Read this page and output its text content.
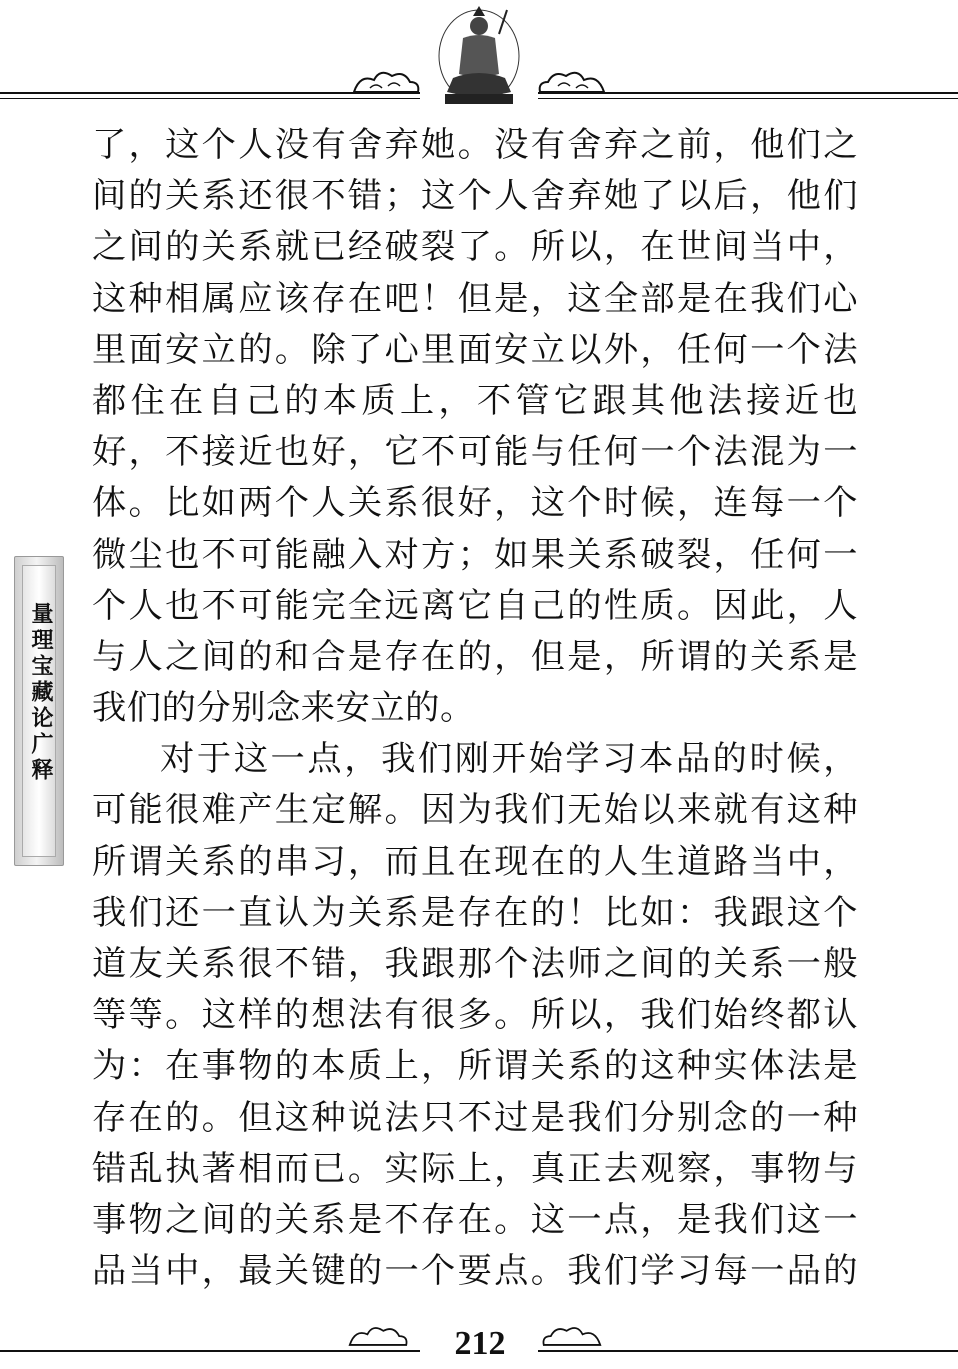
量理宝藏论广释
了，这个人没有舍弃她。没有舍弃之前，他们之
间的关系还很不错；这个人舍弃她了以后，他们
之间的关系就已经破裂了。所以，在世间当中，
这种相属应该存在吧！但是，这全部是在我们心
里面安立的。除了心里面安立以外，任何一个法
都住在自己的本质上，不管它跟其他法接近也
好，不接近也好，它不可能与任何一个法混为一
体。比如两个人关系很好，这个时候，连每一个
微尘也不可能融入对方；如果关系破裂，任何一
个人也不可能完全远离它自己的性质。因此，人
与人之间的和合是存在的，但是，所谓的关系是
我们的分别念来安立的。
对于这一点，我们刚开始学习本品的时候，
可能很难产生定解。因为我们无始以来就有这种
所谓关系的串习，而且在现在的人生道路当中，
我们还一直认为关系是存在的！比如：我跟这个
道友关系很不错，我跟那个法师之间的关系一般
等等。这样的想法有很多。所以，我们始终都认
为：在事物的本质上，所谓关系的这种实体法是
存在的。但这种说法只不过是我们分别念的一种
错乱执著相而已。实际上，真正去观察，事物与
事物之间的关系是不存在。这一点，是我们这一
品当中，最关键的一个要点。我们学习每一品的
212
